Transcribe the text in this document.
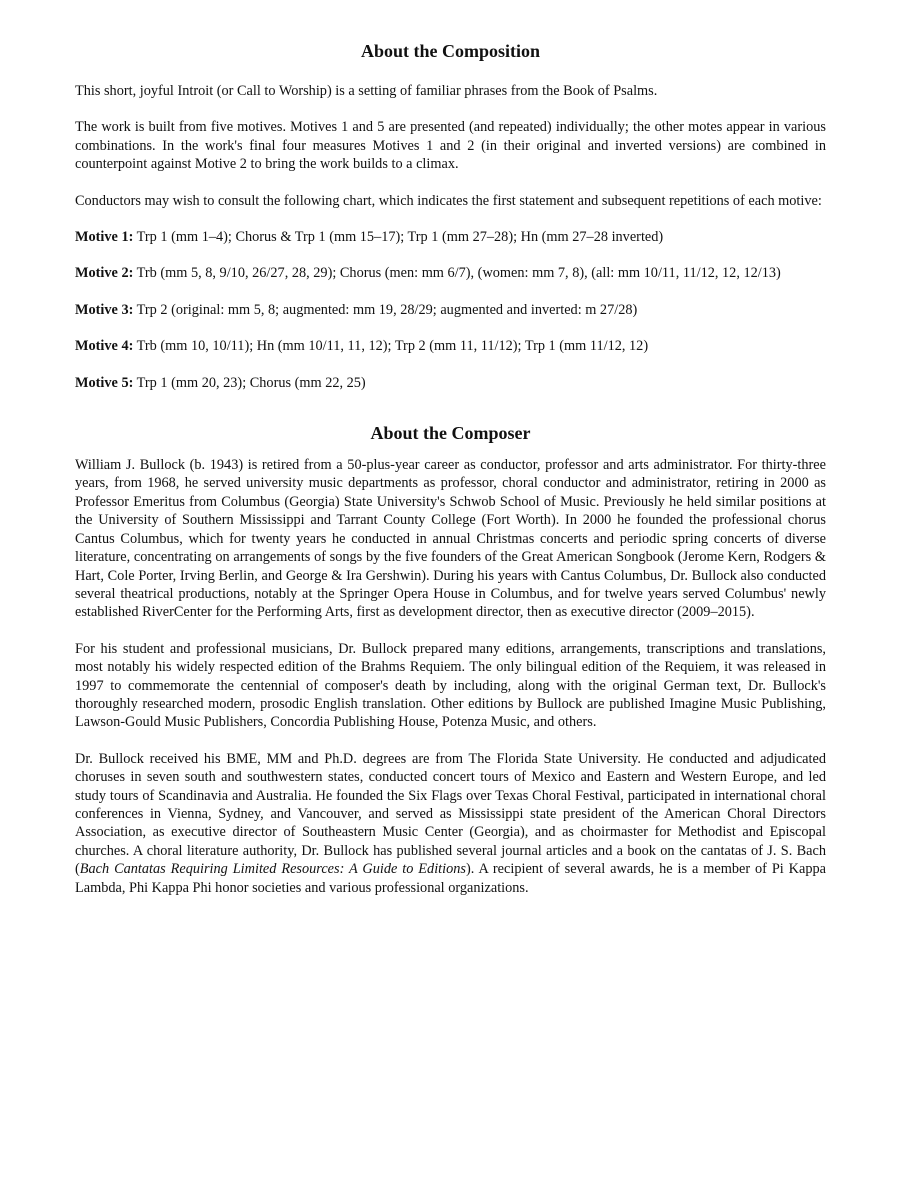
About the Composition

This short, joyful Introit (or Call to Worship) is a setting of familiar phrases from the Book of Psalms.

The work is built from five motives. Motives 1 and 5 are presented (and repeated) individually; the other motes appear in various combinations. In the work's final four measures Motives 1 and 2 (in their original and inverted versions) are combined in counterpoint against Motive 2 to bring the work builds to a climax.

Conductors may wish to consult the following chart, which indicates the first statement and subsequent repetitions of each motive:

Motive 1: Trp 1 (mm 1–4); Chorus & Trp 1 (mm 15–17); Trp 1 (mm 27–28); Hn (mm 27–28 inverted)

Motive 2: Trb (mm 5, 8, 9/10, 26/27, 28, 29); Chorus (men: mm 6/7), (women: mm 7, 8), (all: mm 10/11, 11/12, 12, 12/13)

Motive 3: Trp 2 (original: mm 5, 8; augmented: mm 19, 28/29; augmented and inverted: m 27/28)

Motive 4: Trb (mm 10, 10/11); Hn (mm 10/11, 11, 12); Trp 2 (mm 11, 11/12); Trp 1 (mm 11/12, 12)

Motive 5: Trp 1 (mm 20, 23); Chorus (mm 22, 25)

About the Composer

William J. Bullock (b. 1943) is retired from a 50-plus-year career as conductor, professor and arts administrator. For thirty-three years, from 1968, he served university music departments as professor, choral conductor and administrator, retiring in 2000 as Professor Emeritus from Columbus (Georgia) State University's Schwob School of Music. Previously he held similar positions at the University of Southern Mississippi and Tarrant County College (Fort Worth). In 2000 he founded the professional chorus Cantus Columbus, which for twenty years he conducted in annual Christmas concerts and periodic spring concerts of diverse literature, concentrating on arrangements of songs by the five founders of the Great American Songbook (Jerome Kern, Rodgers & Hart, Cole Porter, Irving Berlin, and George & Ira Gershwin). During his years with Cantus Columbus, Dr. Bullock also conducted several theatrical productions, notably at the Springer Opera House in Columbus, and for twelve years served Columbus' newly established RiverCenter for the Performing Arts, first as development director, then as executive director (2009–2015).

For his student and professional musicians, Dr. Bullock prepared many editions, arrangements, transcriptions and translations, most notably his widely respected edition of the Brahms Requiem. The only bilingual edition of the Requiem, it was released in 1997 to commemorate the centennial of composer's death by including, along with the original German text, Dr. Bullock's thoroughly researched modern, prosodic English translation. Other editions by Bullock are published Imagine Music Publishing, Lawson-Gould Music Publishers, Concordia Publishing House, Potenza Music, and others.

Dr. Bullock received his BME, MM and Ph.D. degrees are from The Florida State University. He conducted and adjudicated choruses in seven south and southwestern states, conducted concert tours of Mexico and Eastern and Western Europe, and led study tours of Scandinavia and Australia. He founded the Six Flags over Texas Choral Festival, participated in international choral conferences in Vienna, Sydney, and Vancouver, and served as Mississippi state president of the American Choral Directors Association, as executive director of Southeastern Music Center (Georgia), and as choirmaster for Methodist and Episcopal churches. A choral literature authority, Dr. Bullock has published several journal articles and a book on the cantatas of J. S. Bach (Bach Cantatas Requiring Limited Resources: A Guide to Editions). A recipient of several awards, he is a member of Pi Kappa Lambda, Phi Kappa Phi honor societies and various professional organizations.
